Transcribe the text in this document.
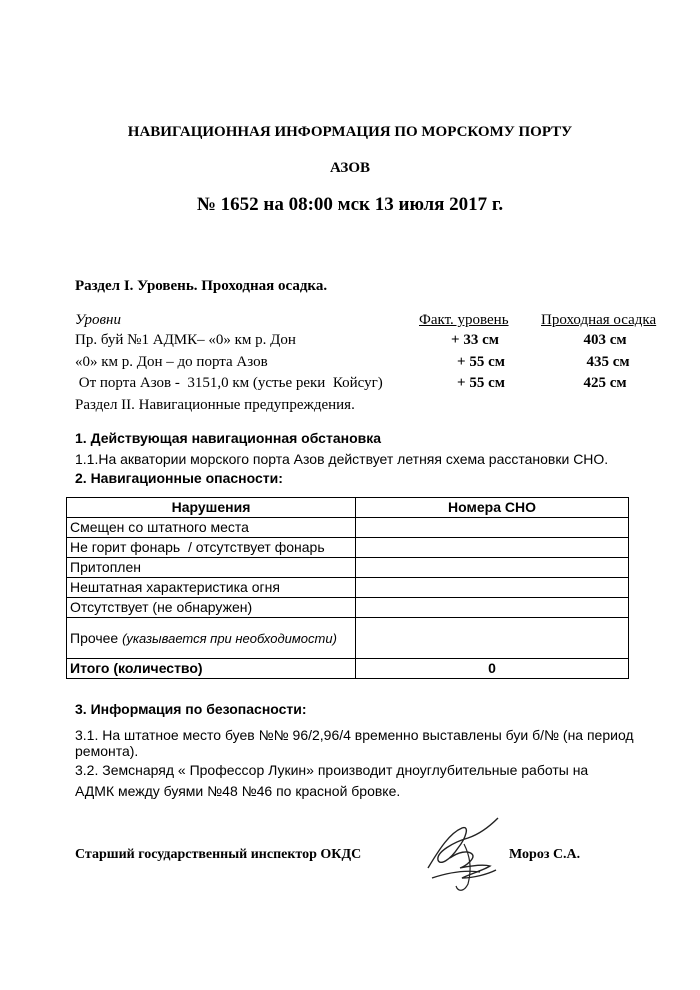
НАВИГАЦИОННАЯ ИНФОРМАЦИЯ ПО МОРСКОМУ ПОРТУ
АЗОВ
№ 1652 на 08:00 мск 13 июля 2017 г.
Раздел I. Уровень. Проходная осадка.
Уровни	Факт. уровень Проходная осадка
Пр. буй №1 АДМК– «0» км р. Дон	+ 33 см	403 см
«0» км р. Дон – до порта Азов	+ 55 см	435 см
От порта Азов -  3151,0 км (устье реки  Койсуг)	+ 55 см	425 см
Раздел II. Навигационные предупреждения.
1. Действующая навигационная обстановка
1.1.На акватории морского порта Азов действует летняя схема расстановки СНО.
2. Навигационные опасности:
Нарушения	Номера СНО
Смещен со штатного места	
Не горит фонарь  / отсутствует фонарь	
Притоплен	
Нештатная характеристика огня	
Отсутствует (не обнаружен)	
Прочее (указывается при необходимости)	
Итого (количество)	0
3. Информация по безопасности:
3.1. На штатное место буев №№ 96/2,96/4 временно выставлены буи б/№ (на период
ремонта).
3.2. Земснаряд « Профессор Лукин» производит дноуглубительные работы на
АДМК между буями №48 №46 по красной бровке.
Старший государственный инспектор ОКДС	Мороз С.А.
